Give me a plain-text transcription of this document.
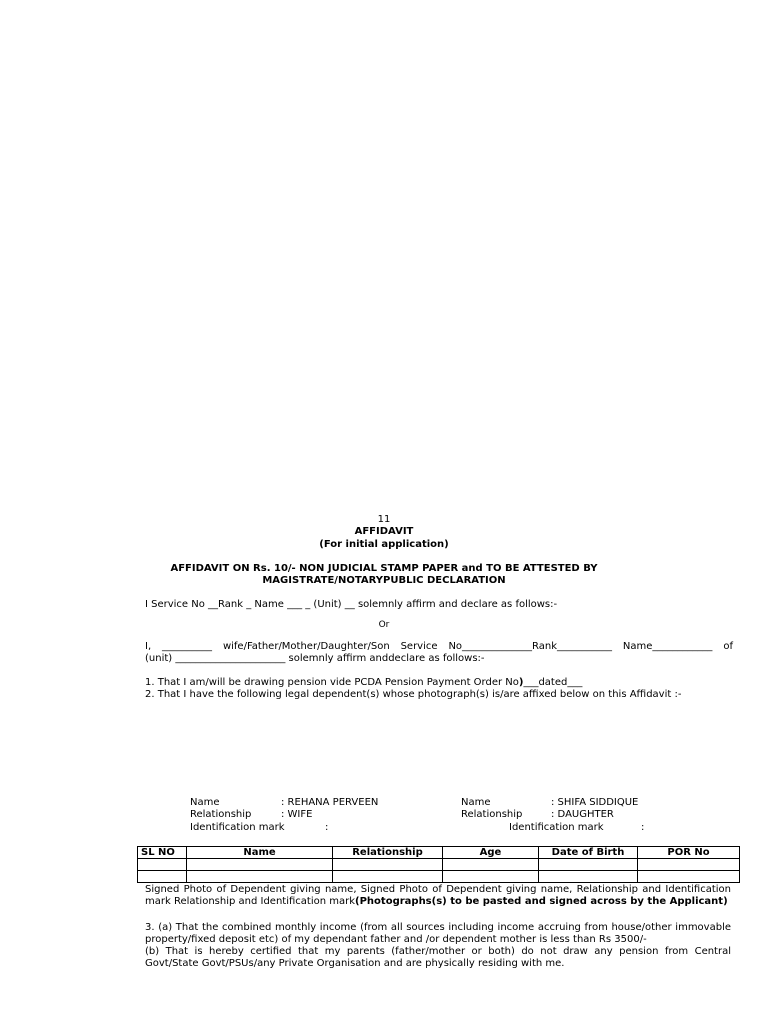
11
AFFIDAVIT
(For initial application)
AFFIDAVIT ON Rs. 10/- NON JUDICIAL STAMP PAPER and TO BE ATTESTED BY
MAGISTRATE/NOTARYPUBLIC DECLARATION
I Service No __Rank _ Name ___ _ (Unit) __ solemnly affirm and declare as follows:-
Or
I, __________ wife/Father/Mother/Daughter/Son Service No______________Rank___________ Name____________ of
(unit) ______________________ solemnly affirm anddeclare as follows:-
1. That I am/will be drawing pension vide PCDA Pension Payment Order No)___dated___
2. That I have the following legal dependent(s) whose photograph(s) is/are affixed below on this Affidavit :-
Name	: REHANA PERVEEN
Relationship	: WIFE
Identification mark	:
Name	: SHIFA SIDDIQUE
Relationship	: DAUGHTER
Identification mark	:
SL NO	Name	Relationship	Age	Date of Birth	POR No

Signed Photo of Dependent giving name, Signed Photo of Dependent giving name, Relationship and Identification
mark Relationship and Identification mark(Photographs(s) to be pasted and signed across by the Applicant)
3. (a) That the combined monthly income (from all sources including income accruing from house/other immovable
property/fixed deposit etc) of my dependant father and /or dependent mother is less than Rs 3500/-
(b) That is hereby certified that my parents (father/mother or both) do not draw any pension from Central
Govt/State Govt/PSUs/any Private Organisation and are physically residing with me.
